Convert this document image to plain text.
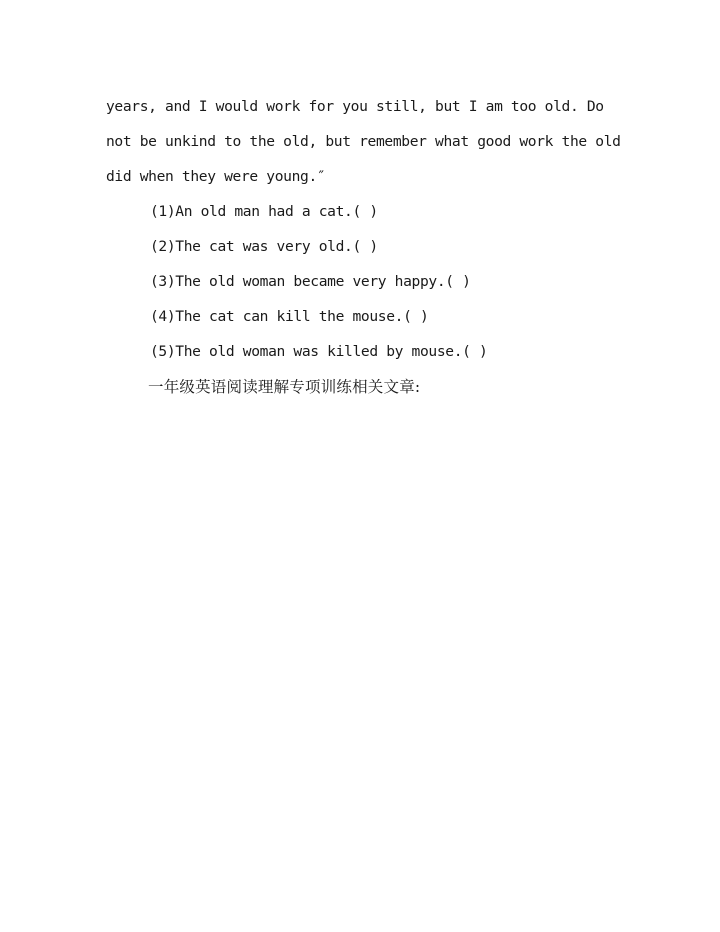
years, and I would work for you still, but I am too old. Do
not be unkind to the old, but remember what good work the old
did when they were young.″
(1)An old man had a cat.( )
(2)The cat was very old.( )
(3)The old woman became very happy.( )
(4)The cat can kill the mouse.( )
(5)The old woman was killed by mouse.( )
一年级英语阅读理解专项训练相关文章:
